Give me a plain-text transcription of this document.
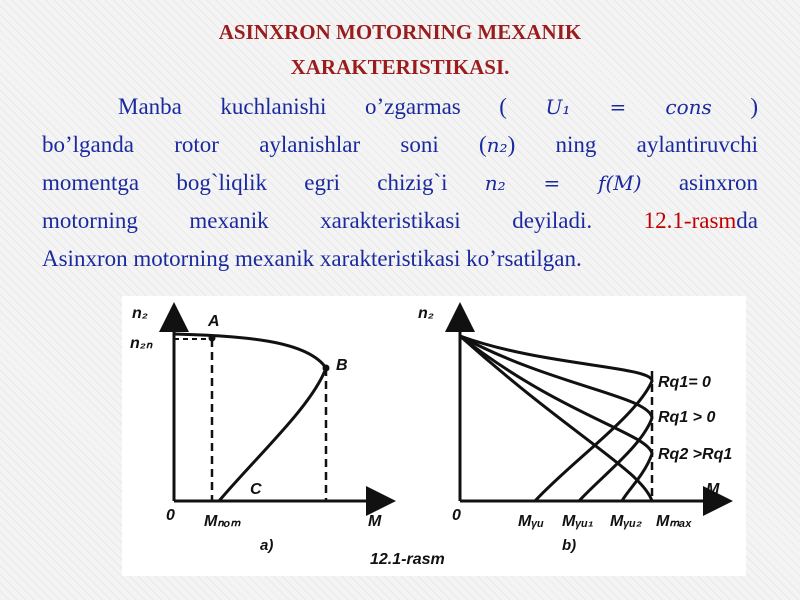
ASINXRON MOTORNING MEXANIK
XARAKTERISTIKASI.
Manba kuchlanishi o’zgarmas ( U₁ = cons )
bo’lganda rotor aylanishlar soni (n₂) ning aylantiruvchi
momentga bog`liqlik egri chizig`i n₂ = f(M) asinxron
motorning mexanik xarakteristikasi deyiladi. 12.1-rasmda
Asinxron motorning mexanik xarakteristikasi ko’rsatilgan.
n₂
n₂ₙ
A
B
C
0 Mₙₒₘ	M
a)
n₂
Rq1= 0
Rq1 > 0
Rq2 >Rq1
0	Mᵧᵤ Mᵧᵤ₁ Mᵧᵤ₂ Mₘₐₓ
M
b)
12.1-rasm
